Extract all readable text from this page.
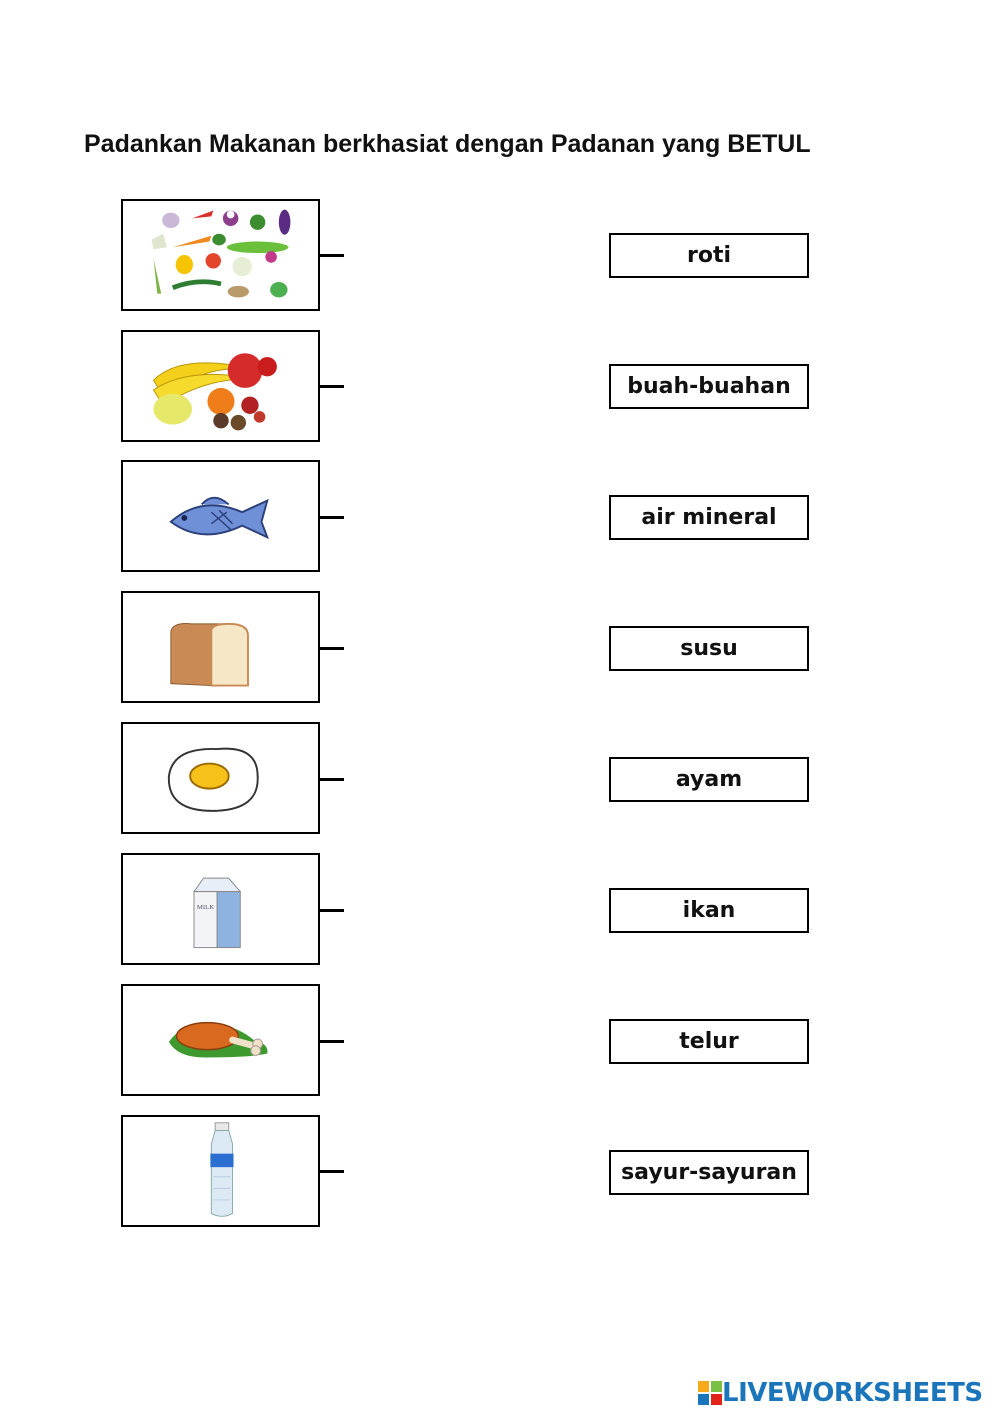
Padankan Makanan berkhasiat dengan Padanan yang BETUL
MILK
roti
buah-buahan
air mineral
susu
ayam
ikan
telur
sayur-sayuran
LIVEWORKSHEETS
